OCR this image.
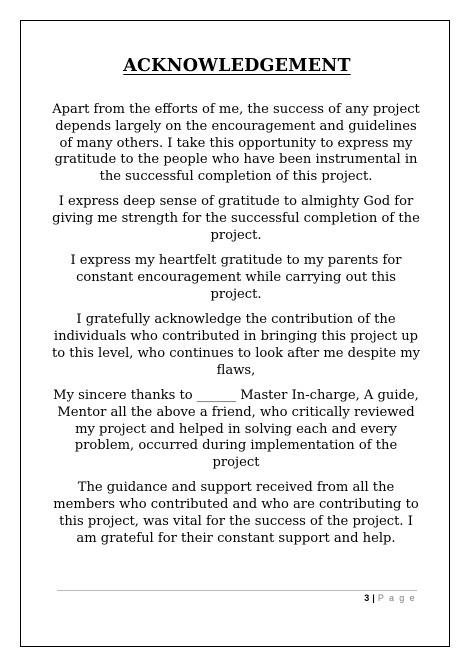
ACKNOWLEDGEMENT

Apart from the efforts of me, the success of any project depends largely on the encouragement and guidelines of many others. I take this opportunity to express my gratitude to the people who have been instrumental in the successful completion of this project.

I express deep sense of gratitude to almighty God for giving me strength for the successful completion of the project.

I express my heartfelt gratitude to my parents for constant encouragement while carrying out this project.

I gratefully acknowledge the contribution of the individuals who contributed in bringing this project up to this level, who continues to look after me despite my flaws,

My sincere thanks to ______ Master In-charge, A guide, Mentor all the above a friend, who critically reviewed my project and helped in solving each and every problem, occurred during implementation of the project

The guidance and support received from all the members who contributed and who are contributing to this project, was vital for the success of the project. I am grateful for their constant support and help.

3 | P a g e
